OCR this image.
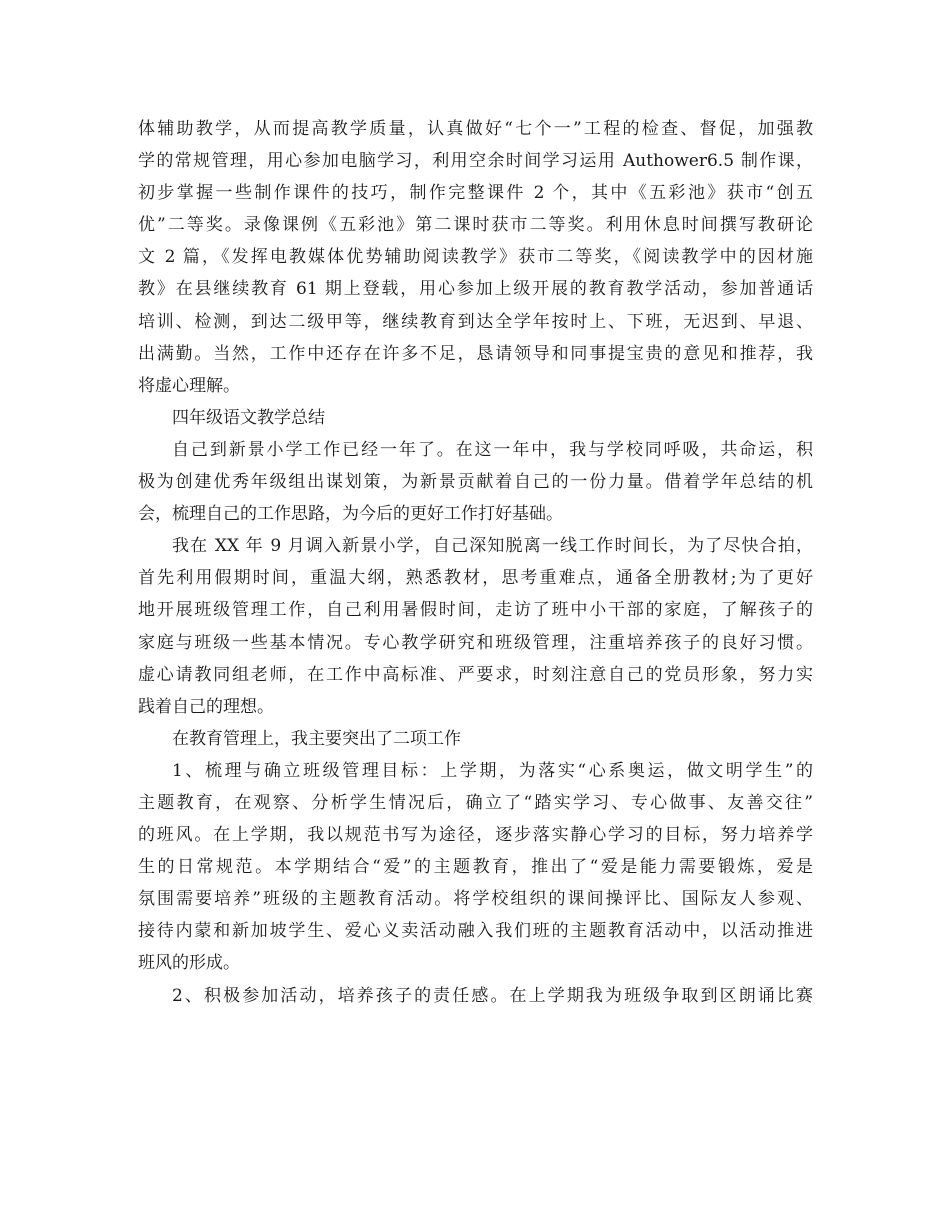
体辅助教学，从而提高教学质量，认真做好“七个一”工程的检查、督促，加强教
学的常规管理，用心参加电脑学习，利用空余时间学习运用 Authower6.5 制作课，
初步掌握一些制作课件的技巧，制作完整课件 2 个，其中《五彩池》获市“创五
优”二等奖。录像课例《五彩池》第二课时获市二等奖。利用休息时间撰写教研论
文 2 篇，《发挥电教媒体优势辅助阅读教学》获市二等奖，《阅读教学中的因材施
教》在县继续教育 61 期上登载，用心参加上级开展的教育教学活动，参加普通话
培训、检测，到达二级甲等，继续教育到达全学年按时上、下班，无迟到、早退、
出满勤。当然，工作中还存在许多不足，恳请领导和同事提宝贵的意见和推荐，我
将虚心理解。
四年级语文教学总结
自己到新景小学工作已经一年了。在这一年中，我与学校同呼吸，共命运，积
极为创建优秀年级组出谋划策，为新景贡献着自己的一份力量。借着学年总结的机
会，梳理自己的工作思路，为今后的更好工作打好基础。
我在 XX 年 9 月调入新景小学，自己深知脱离一线工作时间长，为了尽快合拍，
首先利用假期时间，重温大纲，熟悉教材，思考重难点，通备全册教材;为了更好
地开展班级管理工作，自己利用暑假时间，走访了班中小干部的家庭，了解孩子的
家庭与班级一些基本情况。专心教学研究和班级管理，注重培养孩子的良好习惯。
虚心请教同组老师，在工作中高标准、严要求，时刻注意自己的党员形象，努力实
践着自己的理想。
在教育管理上，我主要突出了二项工作
1、梳理与确立班级管理目标：上学期，为落实“心系奥运，做文明学生”的
主题教育，在观察、分析学生情况后，确立了“踏实学习、专心做事、友善交往”
的班风。在上学期，我以规范书写为途径，逐步落实静心学习的目标，努力培养学
生的日常规范。本学期结合“爱”的主题教育，推出了“爱是能力需要锻炼，爱是
氛围需要培养”班级的主题教育活动。将学校组织的课间操评比、国际友人参观、
接待内蒙和新加坡学生、爱心义卖活动融入我们班的主题教育活动中，以活动推进
班风的形成。
2、积极参加活动，培养孩子的责任感。在上学期我为班级争取到区朗诵比赛
